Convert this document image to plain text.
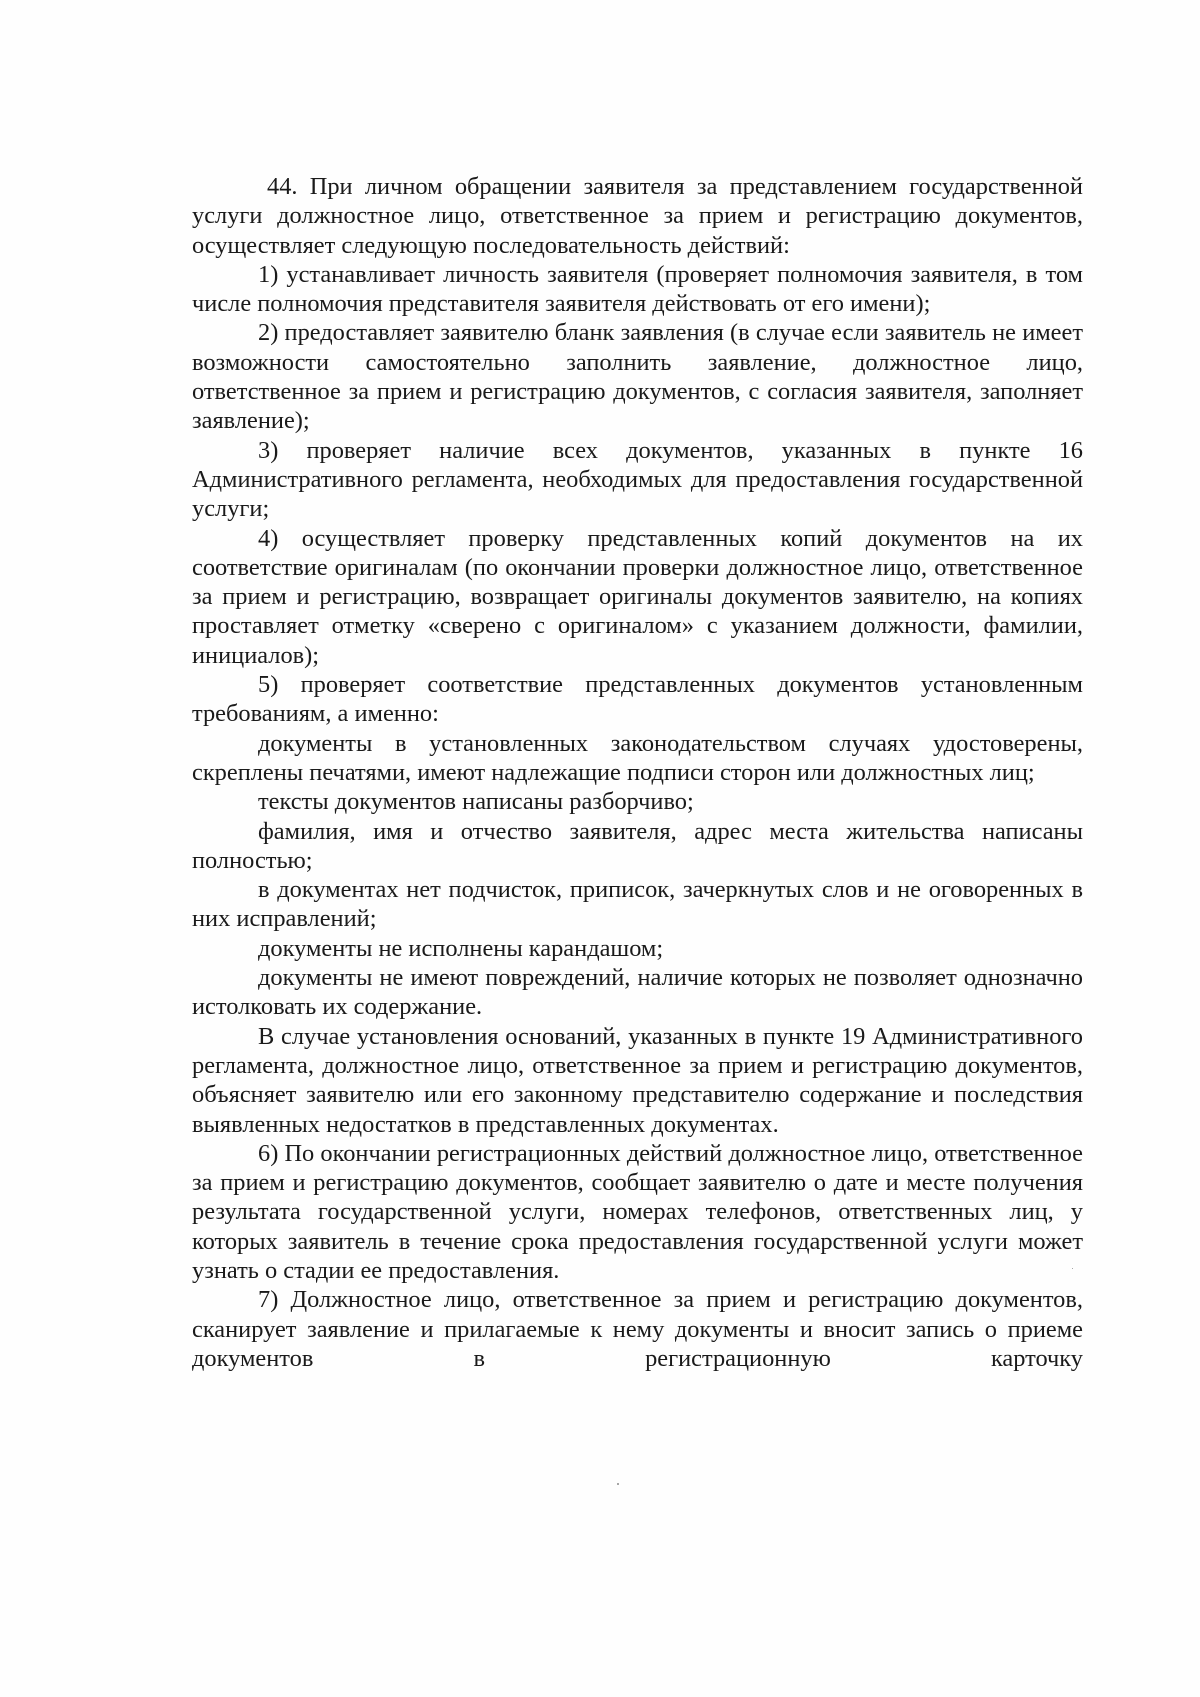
44. При личном обращении заявителя за представлением государственной услуги должностное лицо, ответственное за прием и регистрацию документов, осуществляет следующую последовательность действий:

1) устанавливает личность заявителя (проверяет полномочия заявителя, в том числе полномочия представителя заявителя действовать от его имени);

2) предоставляет заявителю бланк заявления (в случае если заявитель не имеет возможности самостоятельно заполнить заявление, должностное лицо, ответственное за прием и регистрацию документов, с согласия заявителя, заполняет заявление);

3) проверяет наличие всех документов, указанных в пункте 16 Административного регламента, необходимых для предоставления государственной услуги;

4) осуществляет проверку представленных копий документов на их соответствие оригиналам (по окончании проверки должностное лицо, ответственное за прием и регистрацию, возвращает оригиналы документов заявителю, на копиях проставляет отметку «сверено с оригиналом» с указанием должности, фамилии, инициалов);

5) проверяет соответствие представленных документов установленным требованиям, а именно:

документы в установленных законодательством случаях удостоверены, скреплены печатями, имеют надлежащие подписи сторон или должностных лиц;

тексты документов написаны разборчиво;

фамилия, имя и отчество заявителя, адрес места жительства написаны полностью;

в документах нет подчисток, приписок, зачеркнутых слов и не оговоренных в них исправлений;

документы не исполнены карандашом;

документы не имеют повреждений, наличие которых не позволяет однозначно истолковать их содержание.

В случае установления оснований, указанных в пункте 19 Административного регламента, должностное лицо, ответственное за прием и регистрацию документов, объясняет заявителю или его законному представителю содержание и последствия выявленных недостатков в представленных документах.

6) По окончании регистрационных действий должностное лицо, ответственное за прием и регистрацию документов, сообщает заявителю о дате и месте получения результата государственной услуги, номерах телефонов, ответственных лиц, у которых заявитель в течение срока предоставления государственной услуги может узнать о стадии ее предоставления.

7) Должностное лицо, ответственное за прием и регистрацию документов, сканирует заявление и прилагаемые к нему документы и вносит запись о приеме документов в регистрационную карточку
